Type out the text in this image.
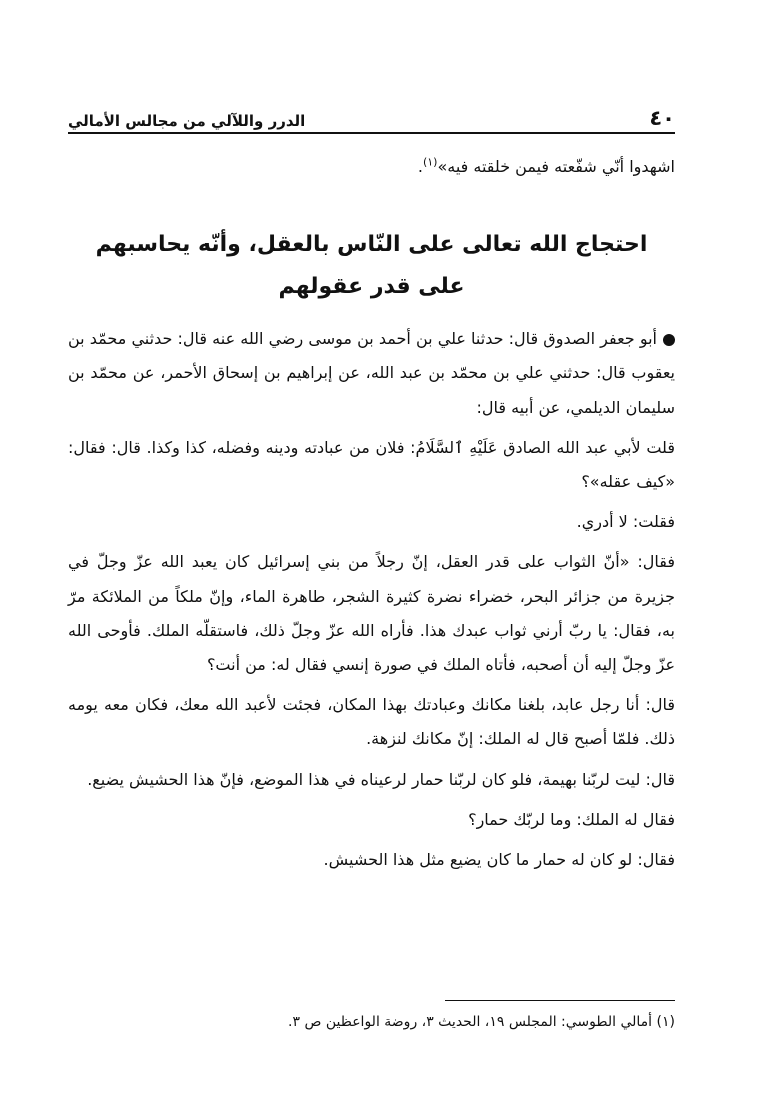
٤٠
الدرر واللآلي من مجالس الأمالي

اشهدوا أنّي شفّعته فيمن خلقته فيه»$^{(١)}$.

احتجاج الله تعالى على النّاس بالعقل، وأنّه يحاسبهم
على قدر عقولهم

أبو جعفر الصدوق قال: حدثنا علي بن أحمد بن موسى رضي الله عنه قال: حدثني محمّد بن يعقوب قال: حدثني علي بن محمّد بن عبد الله، عن إبراهيم بن إسحاق الأحمر، عن محمّد بن سليمان الديلمي، عن أبيه قال:

قلت لأبي عبد الله الصادق عَلَيْهِ ٱلسَّلَامُ: فلان من عبادته ودينه وفضله، كذا وكذا. قال: فقال: «كيف عقله»؟

فقلت: لا أدري.

فقال: «أنّ الثواب على قدر العقل، إنّ رجلاً من بني إسرائيل كان يعبد الله عزّ وجلّ في جزيرة من جزائر البحر، خضراء نضرة كثيرة الشجر، طاهرة الماء، وإنّ ملكاً من الملائكة مرّ به، فقال: يا ربّ أرني ثواب عبدك هذا. فأراه الله عزّ وجلّ ذلك، فاستقلّه الملك. فأوحى الله عزّ وجلّ إليه أن أصحبه، فأتاه الملك في صورة إنسي فقال له: من أنت؟

قال: أنا رجل عابد، بلغنا مكانك وعبادتك بهذا المكان، فجئت لأعبد الله معك، فكان معه يومه ذلك. فلمّا أصبح قال له الملك: إنّ مكانك لنزهة.

قال: ليت لربّنا بهيمة، فلو كان لربّنا حمار لرعيناه في هذا الموضع، فإنّ هذا الحشيش يضيع.

فقال له الملك: وما لربّك حمار؟

فقال: لو كان له حمار ما كان يضيع مثل هذا الحشيش.

(١) أمالي الطوسي: المجلس ١٩، الحديث ٣، روضة الواعظين ص ٣.
